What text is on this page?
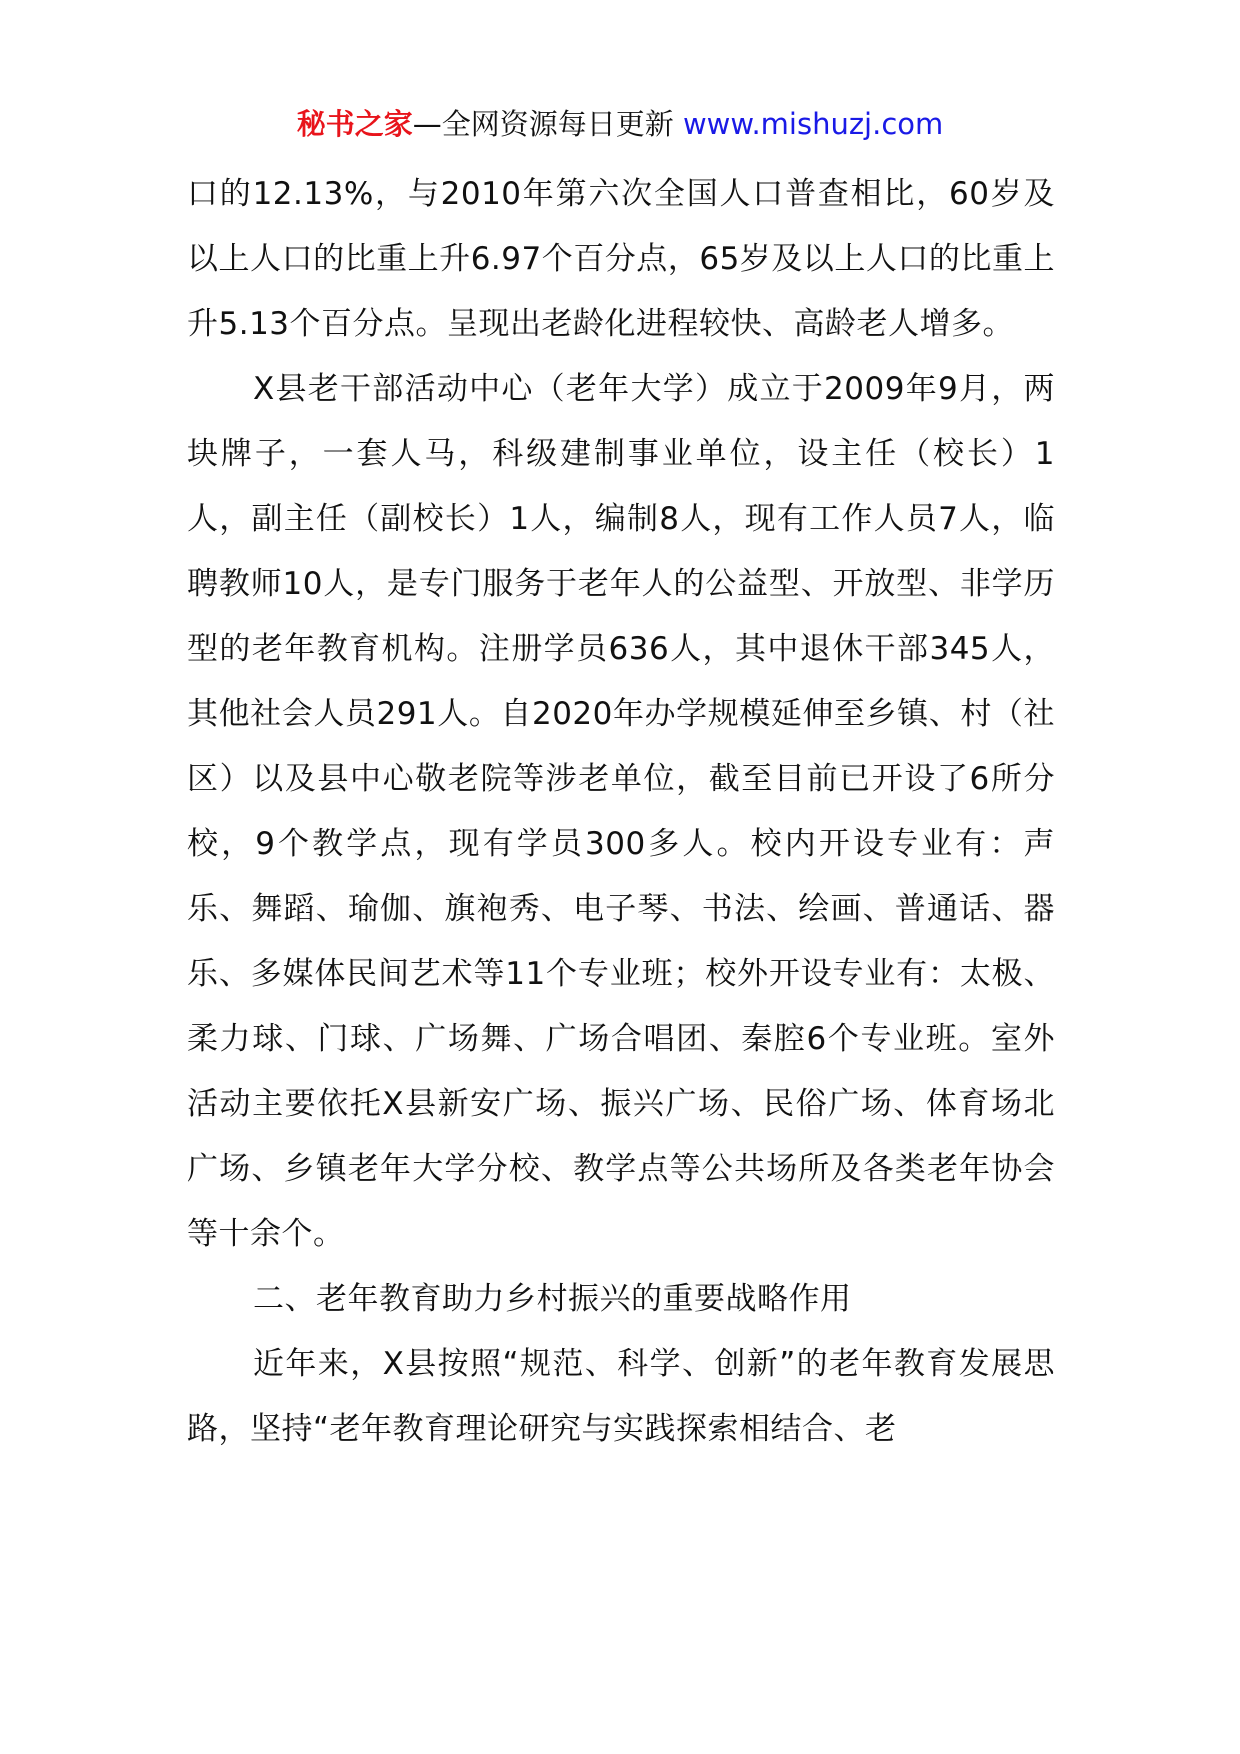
秘书之家—全网资源每日更新 www.mishuzj.com

口的12.13%，与2010年第六次全国人口普查相比，60岁及以上人口的比重上升6.97个百分点，65岁及以上人口的比重上升5.13个百分点。呈现出老龄化进程较快、高龄老人增多。

X县老干部活动中心（老年大学）成立于2009年9月，两块牌子，一套人马，科级建制事业单位，设主任（校长）1人，副主任（副校长）1人，编制8人，现有工作人员7人，临聘教师10人，是专门服务于老年人的公益型、开放型、非学历型的老年教育机构。注册学员636人，其中退休干部345人，其他社会人员291人。自2020年办学规模延伸至乡镇、村（社区）以及县中心敬老院等涉老单位，截至目前已开设了6所分校，9个教学点，现有学员300多人。校内开设专业有：声乐、舞蹈、瑜伽、旗袍秀、电子琴、书法、绘画、普通话、器乐、多媒体民间艺术等11个专业班；校外开设专业有：太极、柔力球、门球、广场舞、广场合唱团、秦腔6个专业班。室外活动主要依托X县新安广场、振兴广场、民俗广场、体育场北广场、乡镇老年大学分校、教学点等公共场所及各类老年协会等十余个。

二、老年教育助力乡村振兴的重要战略作用

近年来，X县按照“规范、科学、创新”的老年教育发展思路，坚持“老年教育理论研究与实践探索相结合、老
